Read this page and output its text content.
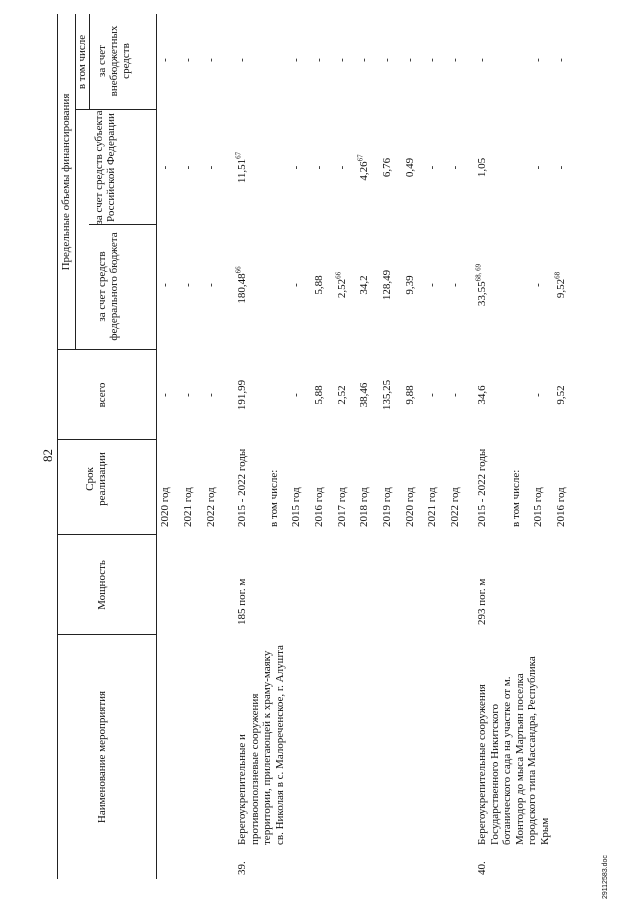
82
Наименование мероприятия
Мощность
Срок реализации
всего
Предельные объемы финансирования
в том числе
за счет средств субъекта Российской Федерации
за счет средств федерального бюджета
за счет внебюджетных средств
2020 год
-
-
-
-
2021 год
-
-
-
-
2022 год
-
-
-
-
39.
Берегоукрепительные и противооползневые сооружения территории, прилегающей к храму-маяку св. Николая в с. Малореченское, г. Алушта
185 пог. м
2015 - 2022 годы
191,99
180,48$^{66}$
11,51$^{67}$
-
в том числе: 2015 год
-
-
-
-
2016 год
5,88
5,88
-
-
2017 год
2,52
2,52$^{66}$
-
-
2018 год
38,46
34,2
4,26$^{67}$
-
2019 год
135,25
128,49
6,76
-
2020 год
9,88
9,39
0,49
-
2021 год
-
-
-
-
2022 год
-
-
-
-
40.
Берегоукрепительные сооружения Государственного Никитского ботанического сада на участке от м. Монтодор до мыса Мартьян поселка городского типа Массандра, Республика Крым
293 пог. м
2015 - 2022 годы
34,6
33,55$^{68, 69}$
1,05
-
в том числе: 2015 год
-
-
-
-
2016 год
9,52
9,52$^{68}$
-
-
29112583.doc
